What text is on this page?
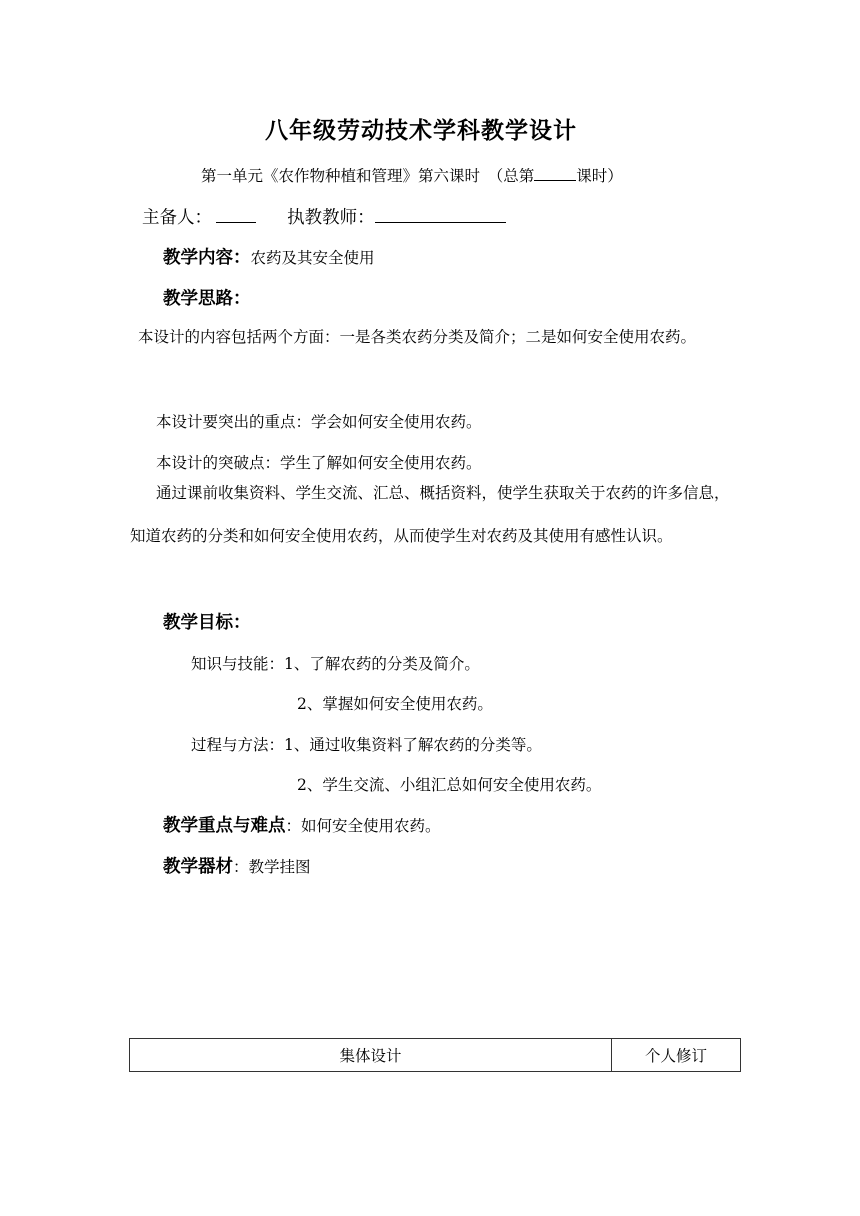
八年级劳动技术学科教学设计
第一单元《农作物种植和管理》第六课时　（总第	课时）
主备人：	执教教师：
教学内容：农药及其安全使用
教学思路：
本设计的内容包括两个方面：一是各类农药分类及简介；二是如何安全使用农药。
本设计要突出的重点：学会如何安全使用农药。
本设计的突破点：学生了解如何安全使用农药。
通过课前收集资料、学生交流、汇总、概括资料，使学生获取关于农药的许多信息，知道农药的分类和如何安全使用农药，从而使学生对农药及其使用有感性认识。
教学目标：
知识与技能：1、了解农药的分类及简介。
2、掌握如何安全使用农药。
过程与方法：1、通过收集资料了解农药的分类等。
2、学生交流、小组汇总如何安全使用农药。
教学重点与难点：如何安全使用农药。
教学器材：教学挂图
集体设计	个人修订
